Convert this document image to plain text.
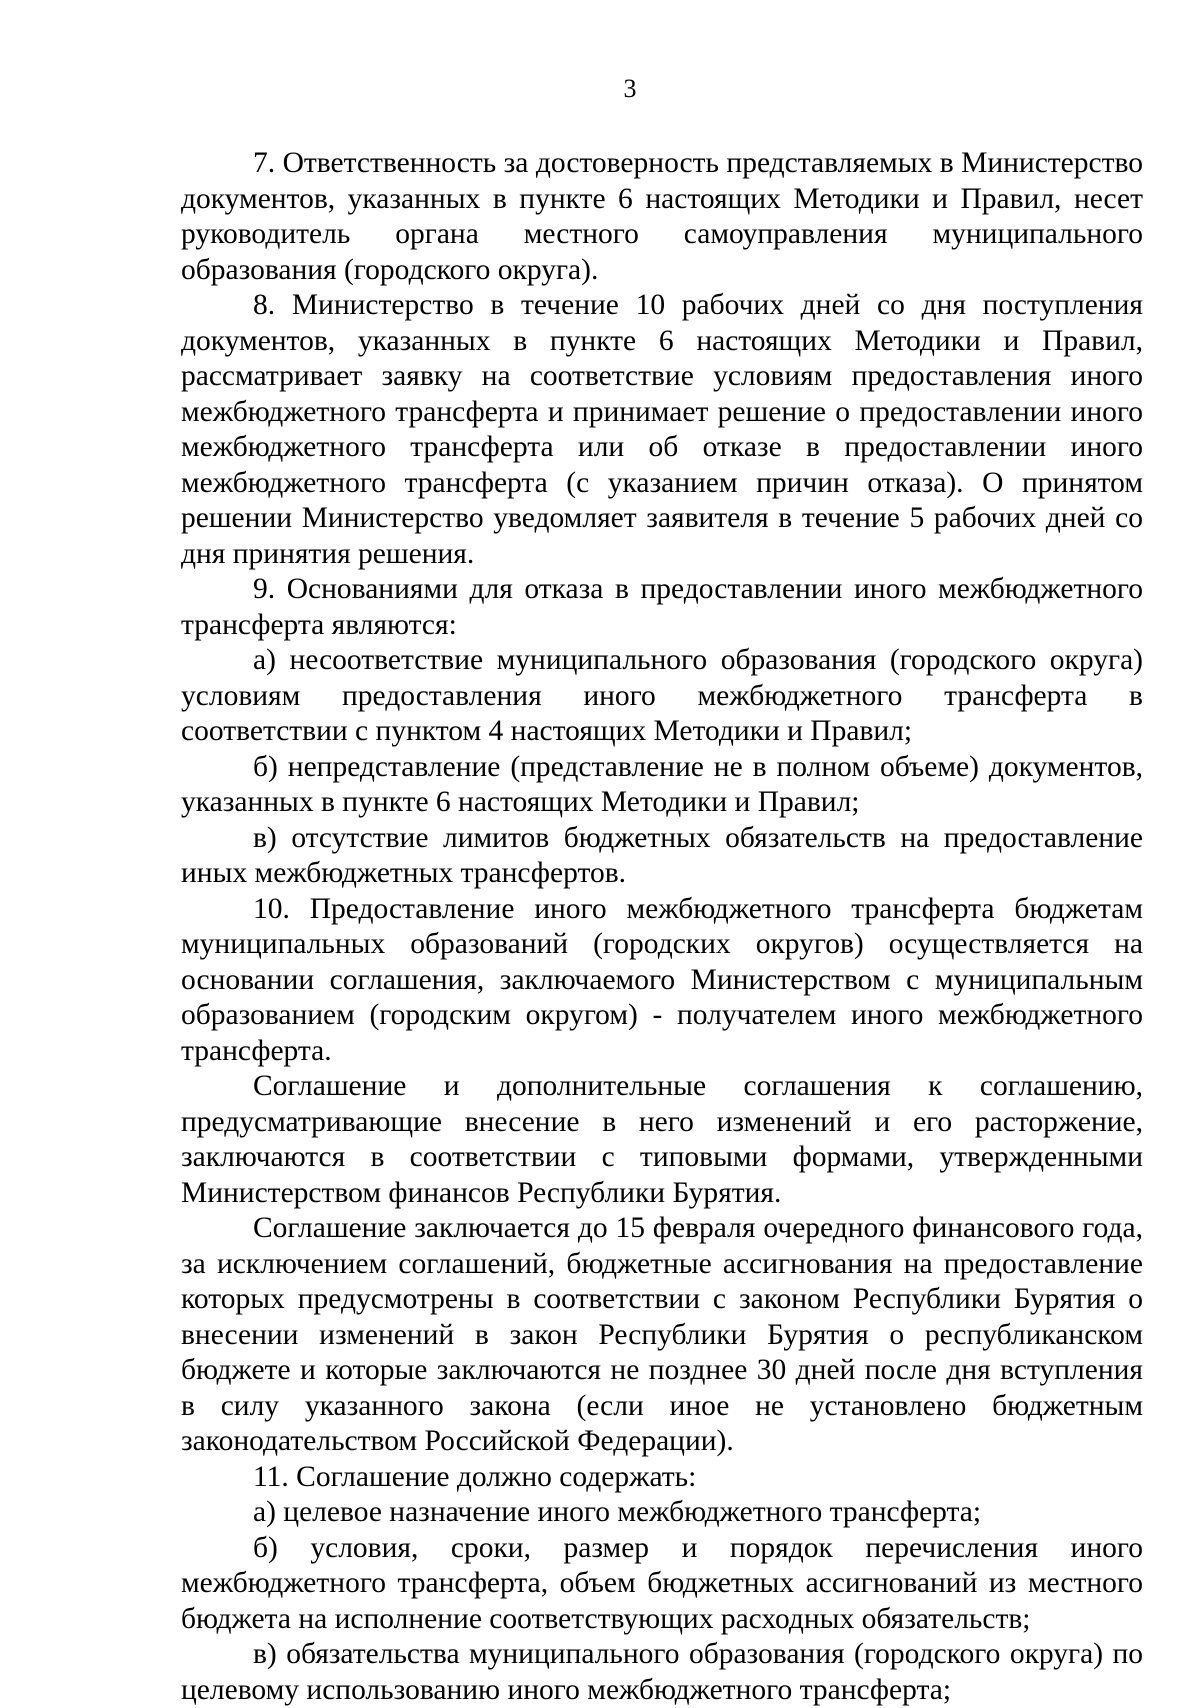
3

7. Ответственность за достоверность представляемых в Министерство документов, указанных в пункте 6 настоящих Методики и Правил, несет руководитель органа местного самоуправления муниципального образования (городского округа).

8. Министерство в течение 10 рабочих дней со дня поступления документов, указанных в пункте 6 настоящих Методики и Правил, рассматривает заявку на соответствие условиям предоставления иного межбюджетного трансферта и принимает решение о предоставлении иного межбюджетного трансферта или об отказе в предоставлении иного межбюджетного трансферта (с указанием причин отказа). О принятом решении Министерство уведомляет заявителя в течение 5 рабочих дней со дня принятия решения.

9. Основаниями для отказа в предоставлении иного межбюджетного трансферта являются:

а) несоответствие муниципального образования (городского округа) условиям предоставления иного межбюджетного трансферта в соответствии с пунктом 4 настоящих Методики и Правил;

б) непредставление (представление не в полном объеме) документов, указанных в пункте 6 настоящих Методики и Правил;

в) отсутствие лимитов бюджетных обязательств на предоставление иных межбюджетных трансфертов.

10. Предоставление иного межбюджетного трансферта бюджетам муниципальных образований (городских округов) осуществляется на основании соглашения, заключаемого Министерством с муниципальным образованием (городским округом) - получателем иного межбюджетного трансферта.

Соглашение и дополнительные соглашения к соглашению, предусматривающие внесение в него изменений и его расторжение, заключаются в соответствии с типовыми формами, утвержденными Министерством финансов Республики Бурятия.

Соглашение заключается до 15 февраля очередного финансового года, за исключением соглашений, бюджетные ассигнования на предоставление которых предусмотрены в соответствии с законом Республики Бурятия о внесении изменений в закон Республики Бурятия о республиканском бюджете и которые заключаются не позднее 30 дней после дня вступления в силу указанного закона (если иное не установлено бюджетным законодательством Российской Федерации).

11. Соглашение должно содержать:

а) целевое назначение иного межбюджетного трансферта;

б) условия, сроки, размер и порядок перечисления иного межбюджетного трансферта, объем бюджетных ассигнований из местного бюджета на исполнение соответствующих расходных обязательств;

в) обязательства муниципального образования (городского округа) по целевому использованию иного межбюджетного трансферта;
